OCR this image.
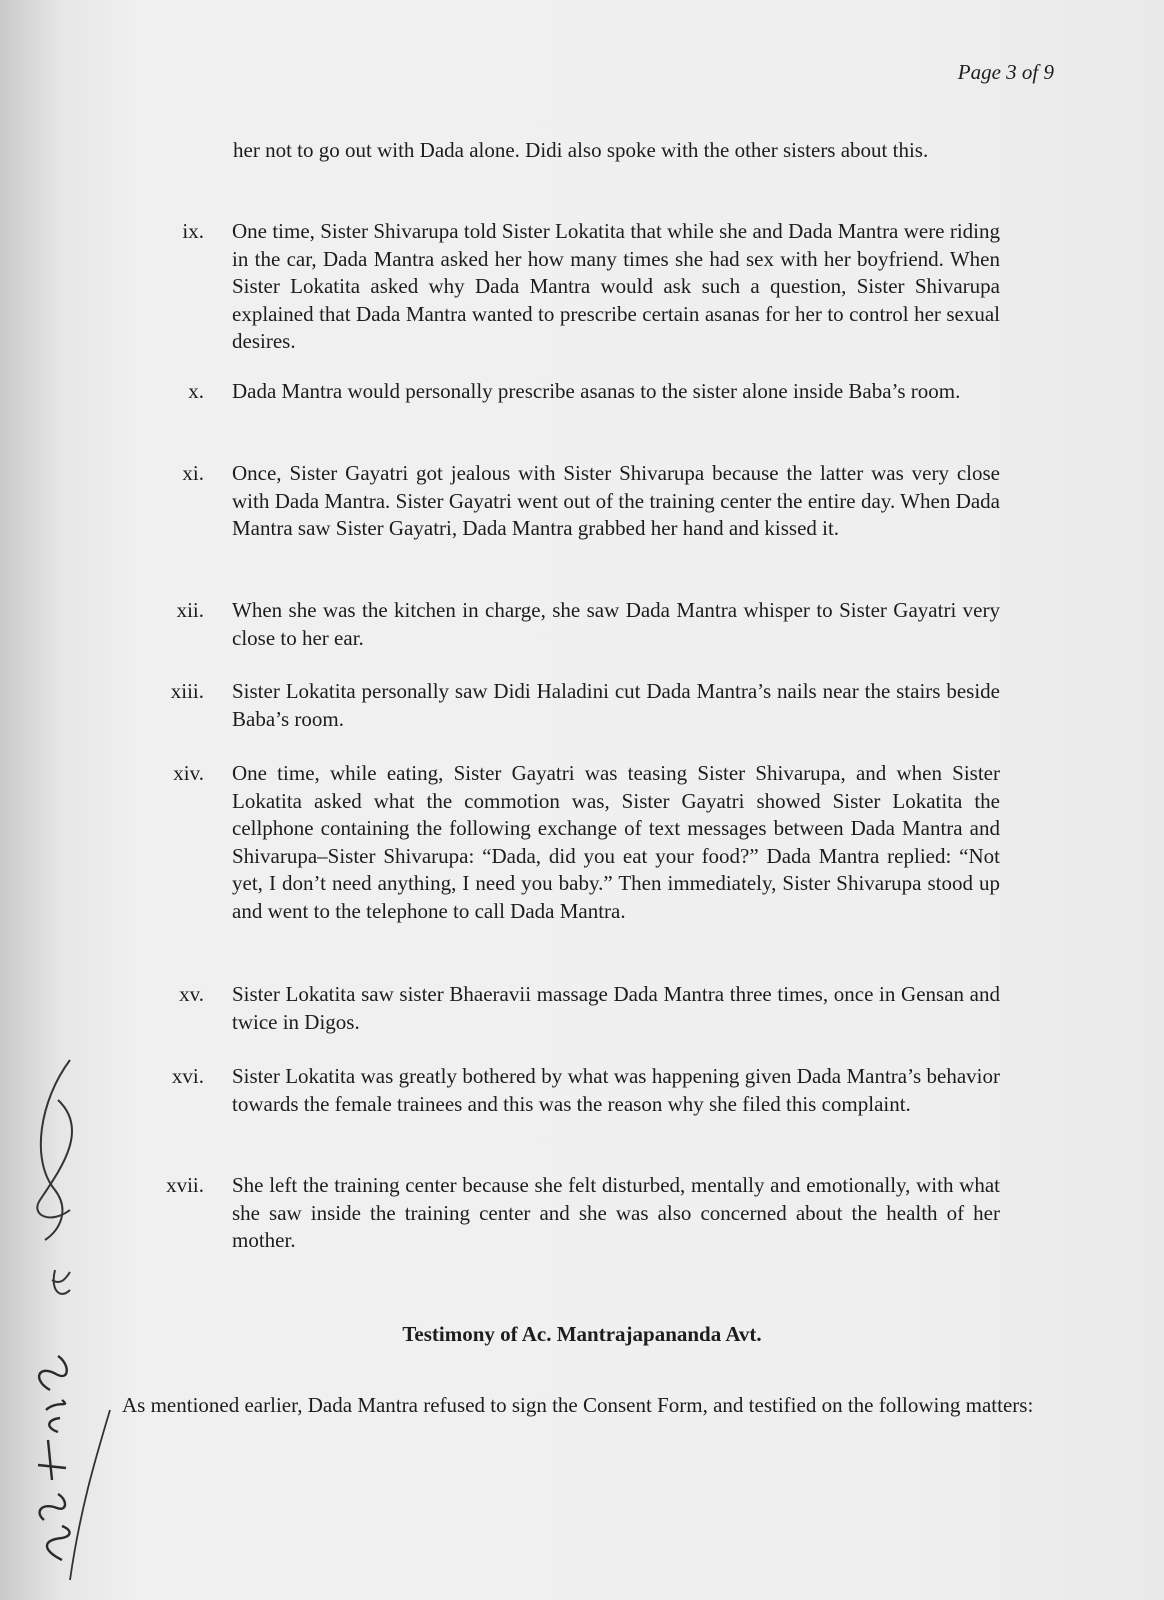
Page 3 of 9
her not to go out with Dada alone. Didi also spoke with the other sisters about this.
ix.	One time, Sister Shivarupa told Sister Lokatita that while she and Dada Mantra were riding in the car, Dada Mantra asked her how many times she had sex with her boyfriend. When Sister Lokatita asked why Dada Mantra would ask such a question, Sister Shivarupa explained that Dada Mantra wanted to prescribe certain asanas for her to control her sexual desires.
x.	Dada Mantra would personally prescribe asanas to the sister alone inside Baba’s room.
xi.	Once, Sister Gayatri got jealous with Sister Shivarupa because the latter was very close with Dada Mantra. Sister Gayatri went out of the training center the entire day. When Dada Mantra saw Sister Gayatri, Dada Mantra grabbed her hand and kissed it.
xii.	When she was the kitchen in charge, she saw Dada Mantra whisper to Sister Gayatri very close to her ear.
xiii.	Sister Lokatita personally saw Didi Haladini cut Dada Mantra’s nails near the stairs beside Baba’s room.
xiv.	One time, while eating, Sister Gayatri was teasing Sister Shivarupa, and when Sister Lokatita asked what the commotion was, Sister Gayatri showed Sister Lokatita the cellphone containing the following exchange of text messages between Dada Mantra and Shivarupa–Sister Shivarupa: “Dada, did you eat your food?” Dada Mantra replied: “Not yet, I don’t need anything, I need you baby.” Then immediately, Sister Shivarupa stood up and went to the telephone to call Dada Mantra.
xv.	Sister Lokatita saw sister Bhaeravii massage Dada Mantra three times, once in Gensan and twice in Digos.
xvi.	Sister Lokatita was greatly bothered by what was happening given Dada Mantra’s behavior towards the female trainees and this was the reason why she filed this complaint.
xvii.	She left the training center because she felt disturbed, mentally and emotionally, with what she saw inside the training center and she was also concerned about the health of her mother.
Testimony of Ac. Mantrajapananda Avt.
As mentioned earlier, Dada Mantra refused to sign the Consent Form, and testified on the following matters:
